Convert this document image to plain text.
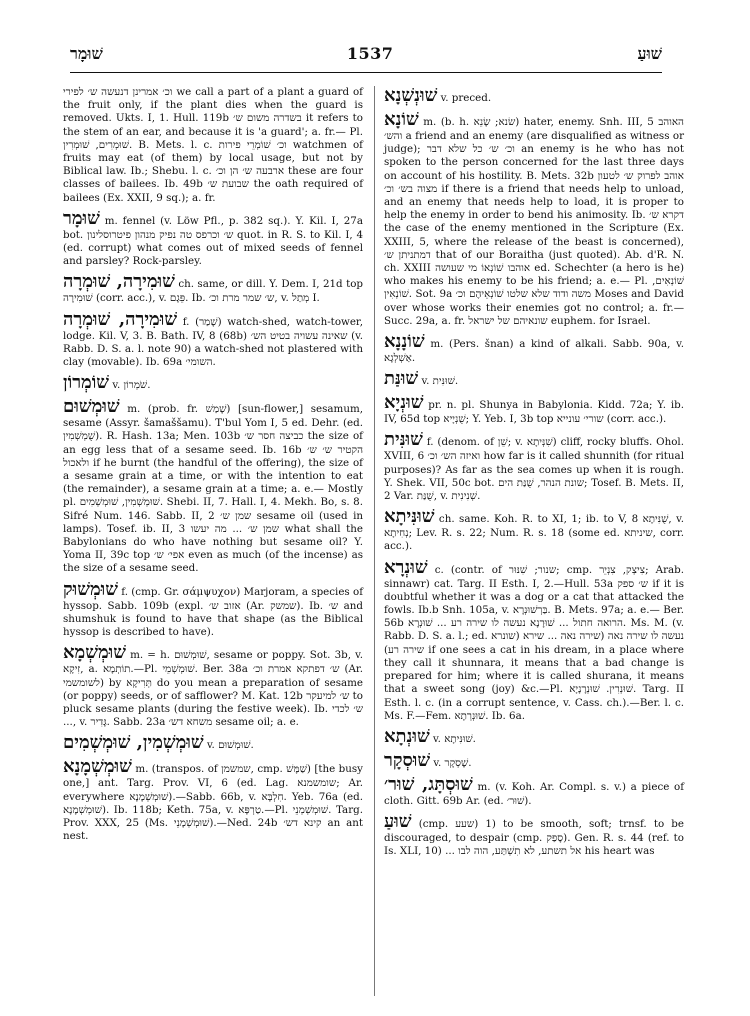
שׁוּמָר	1537	שׁוּעַ

וכ׳ אמרינן דנעשה ש׳ לפירי we call a part of a plant a guard of the fruit only, if the plant dies when the guard is removed. Ukts. I, 1. Hull. 119b בשדרה משום ש׳ it refers to the stem of an ear, and because it is 'a guard'; a. fr.— Pl. שׁוּמְרִים, שׁוּמְרִין. B. Mets. l. c. וכ׳ שׁוֹמְרֵי פירות watchmen of fruits may eat (of them) by local usage, but not by Biblical law. Ib.; Shebu. l. c. ארבעה ש׳ הן וכ׳ these are four classes of bailees. Ib. 49b שבועת ש׳ the oath required of bailees (Ex. XXII, 9 sq.); a. fr.

שׁוּמָר m. fennel (v. Löw Pfl., p. 382 sq.). Y. Kil. I, 27a bot. ש׳ וכרפס טה נפיק מנהון פיטרוסלינון quot. in R. S. to Kil. I, 4 (ed. corrupt) what comes out of mixed seeds of fennel and parsley? Rock-parsley.

שׁוּמִירָה, שׁוּמְרָה ch. same, or dill. Y. Dem. I, 21d top שׁוּמִירָה (corr. acc.), v. פֵּגָם. Ib. ש׳ שמר מרת וכ׳, v. מְתַל I.

שׁוּמִירָה, שׁוּמְרָה f. (שָׁמַר) watch-shed, watch-tower, lodge. Kil. V, 3. B. Bath. IV, 8 (68b) שאינה עשויה בטיט הש׳ (v. Rabb. D. S. a. l. note 90) a watch-shed not plastered with clay (movable). Ib. 69a השומי׳.

שׁוֹמְרוֹן v. שֹׁמְרוֹן.

שׁוּמְשׁוּם m. (prob. fr. שָׁמַשׁ) [sun-flower,] sesamum, sesame (Assyr. šamaššamu). T'bul Yom I, 5 ed. Dehr. (ed. שֻׁמְשְׁמִין). R. Hash. 13a; Men. 103b כביצה חסר ש׳ the size of an egg less that of a sesame seed. Ib. 16b הקטיר ש׳ ש׳ ולאכול if he burnt (the handful of the offering), the size of a sesame grain at a time, or with the intention to eat (the remainder), a sesame grain at a time; a. e.— Mostly pl. שׁוּמְשְׁמִין, שׁוּמְשְׁמִים. Shebi. II, 7. Hall. I, 4. Mekh. Bo, s. 8. Sifré Num. 146. Sabb. II, 2 שמן ש׳ sesame oil (used in lamps). Tosef. ib. II, 3 שמן ש׳ ... מה יעשו what shall the Babylonians do who have nothing but sesame oil? Y. Yoma II, 39c top אפי׳ ש׳ even as much (of the incense) as the size of a sesame seed.

שׁוּמְשׁוּק f. (cmp. Gr. σάμψυχον) Marjoram, a species of hyssop. Sabb. 109b (expl. אזוב ש׳ (Ar. שמשק). Ib. ש׳ and shumshuk is found to have that shape (as the Biblical hyssop is described to have).

שׁוּמְשְׁמָא m. = h. שׁוּמְשׁוּם, sesame or poppy. Sot. 3b, v. זִיקָא, a. תוֹתְמָא.—Pl. שׁוּמְשְׁמֵי. Ber. 38a ש׳ דפתקא אמרת וכ׳ (Ar. לשומשמי) by תְּרִיקָא do you mean a preparation of sesame (or poppy) seeds, or of safflower? M. Kat. 12b ש׳ למיעקר to pluck sesame plants (during the festive week). Ib. ש׳ לכדי ..., v. גָּדִיר. Sabb. 23a משחא דש׳ sesame oil; a. e.

שׁוּמְשְׁמִין, שׁוּמְשְׁמִים v. שׁוּמְשׁוּם.

שׁוּמְשְׁמָנָא m. (transpos. of שמשמן, cmp. שַׁמָּשׁ) [the busy one,] ant. Targ. Prov. VI, 6 (ed. Lag. שומשמנא; Ar. everywhere שׁוּמְשְׁמָנָא).—Sabb. 66b, v. חִלְבָּא. Yeb. 76a (ed. שׁוּמְשְׁמָנָא). Ib. 118b; Keth. 75a, v. טַרְפָּא.—Pl. שׁוּמְשְׁמְנֵי. Targ. Prov. XXX, 25 (Ms. שׁוּמְשְׁמָנֵי).—Ned. 24b קינא דש׳ an ant nest.

שׁוּנְשְׁנָא v. preced.

שׁוֹנָא m. (b. h. שׂנא; שָׂנֵא) hater, enemy. Snh. III, 5 האוהב והש׳ a friend and an enemy (are disqualified as witness or judge); וכ׳ ש׳ כל שלא דבר an enemy is he who has not spoken to the person concerned for the last three days on account of his hostility. B. Mets. 32b אוהב לפרוק ש׳ לטעון מצוה בש׳ וכ׳ if there is a friend that needs help to unload, and an enemy that needs help to load, it is proper to help the enemy in order to bend his animosity. Ib. דקרא ש׳ the case of the enemy mentioned in the Scripture (Ex. XXIII, 5, where the release of the beast is concerned), דמתניתן ש׳ that of our Boraitha (just quoted). Ab. d'R. N. ch. XXIII אוהבו שׁוֹנְאוֹ מי שעושה ed. Schechter (a hero is he) who makes his enemy to be his friend; a. e.— Pl. שׁוֹנְאִים, שׁוֹנְאִין. Sot. 9a משה ודוד שלא שלטו שׁוֹנְאֵיהֶם וכ׳ Moses and David over whose works their enemies got no control; a. fr.—Succ. 29a, a. fr. שונאיהם של ישראל euphem. for Israel.

שׁוֹנָנָא m. (Pers. šnan) a kind of alkali. Sabb. 90a, v. אַשְׁלְגָא.

שׁוּנַּת v. שׁוּנִּית.

שׁוּנְיָא pr. n. pl. Shunya in Babylonia. Kidd. 72a; Y. ib. IV, 65d top שֻׁנְיָיא; Y. Yeb. I, 3b top שורי׳ עונייא (corr. acc.).

שׁוּנִּית f. (denom. of שֵׁן; v. שִׁנְּיתָא) cliff, rocky bluffs. Ohol. XVIII, 6 ואיזה הש׳ וכ׳ how far is it called shunnith (for ritual purposes)? As far as the sea comes up when it is rough. Y. Shek. VII, 50c bot. שונת הנהר, שֻׁנַּת הים; Tosef. B. Mets. II, 2 Var. שֻׁנַּת, v. שְׁנִינִית.

שׁוּנִּיתָא ch. same. Koh. R. to XI, 1; ib. to V, 8 שֻׁנִּיתָא, v. נְחִיתָא; Lev. R. s. 22; Num. R. s. 18 (some ed. שיניתא, corr. acc.).

שׁוּנְרָא c. (contr. of שנור; שִׁנּוּר; cmp. צִיצְק, צִנְיֵר; Arab. sinnawr) cat. Targ. II Esth. I, 2.—Hull. 53a ש׳ ספק if it is doubtful whether it was a dog or a cat that attacked the fowls. Ib.b Snh. 105a, v. בַּרְשׁוּנְרָא. B. Mets. 97a; a. e.— Ber. 56b הרואה חתול ... שׁוּרָנָא נעשה לו שירה רע ... שׁוּנְרָא. Ms. M. (v. Rabb. D. S. a. l.; ed. שונרא) נעשה לו שירה נאה (שירה נאה ... שירא שירה רע) if one sees a cat in his dream, in a place where they call it shunnara, it means that a bad change is prepared for him; where it is called shurana, it means that a sweet song (joy) &c.—Pl. שׁוּנְרִין. שׁוּנְרָנָיָא. Targ. II Esth. l. c. (in a corrupt sentence, v. Cass. ch.).—Ber. l. c. Ms. F.—Fem. שׁוּנְרְתָא. Ib. 6a.

שׁוּנְתָא v. שׁוּנִּיתָא.

שׁוּסְקָר v. שֶׁסְקָר.

שׁוּסְתָּג, שׁוּר׳ m. (v. Koh. Ar. Compl. s. v.) a piece of cloth. Gitt. 69b Ar. (ed. שׁוּר׳).

שׁוּעַ (cmp. שעע) 1) to be smooth, soft; trnsf. to be discouraged, to despair (cmp. סָפַק). Gen. R. s. 44 (ref. to Is. XLI, 10) ... אל תשתע, לא תִשְׁתַּע, הוה לבו his heart was
